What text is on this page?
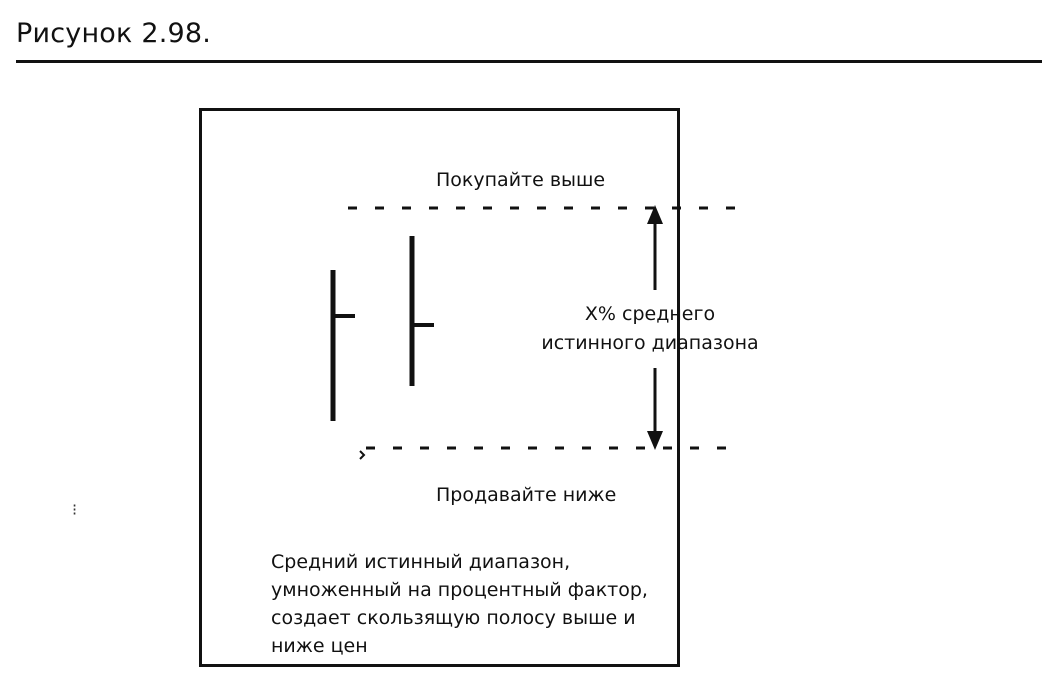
Рисунок 2.98.
⁝
Покупайте выше
X% среднего
истинного диапазона
Продавайте ниже
Средний истинный диапазон, умноженный на процентный фактор, создает скользящую полосу выше и ниже цен
